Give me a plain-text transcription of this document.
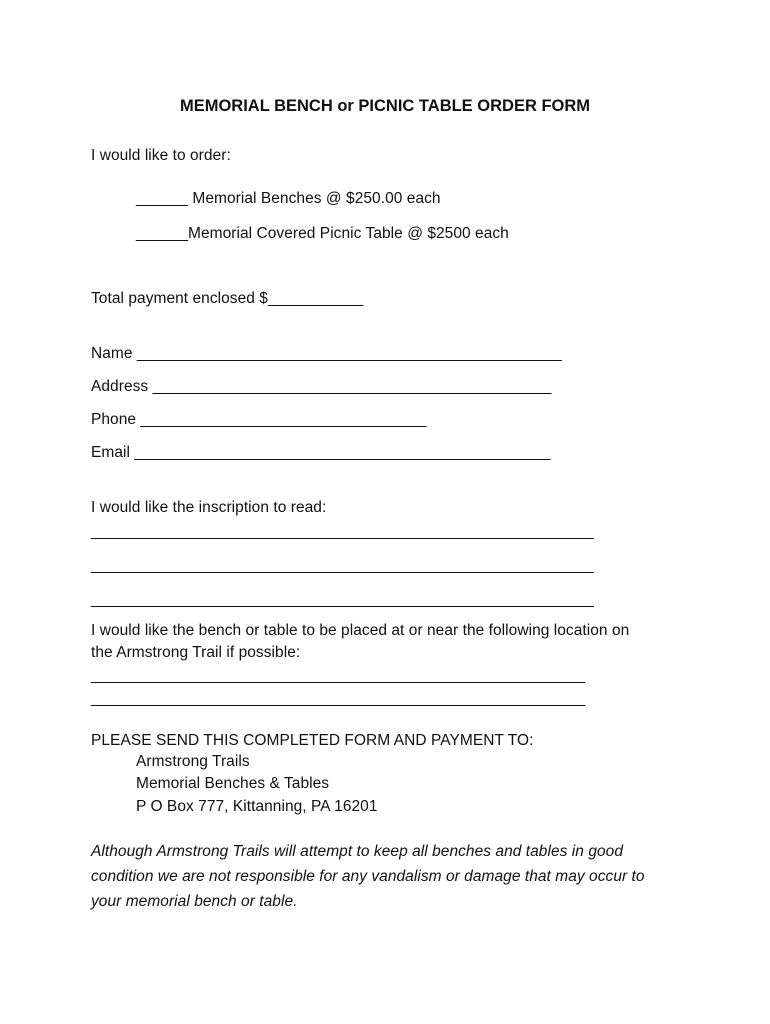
MEMORIAL BENCH or PICNIC TABLE ORDER FORM
I would like to order:
______ Memorial Benches @ $250.00 each
______Memorial Covered Picnic Table @ $2500 each
Total payment enclosed $___________
Name _________________________________________________
Address ______________________________________________
Phone _________________________________
Email ________________________________________________
I would like the inscription to read:
__________________________________________________________
__________________________________________________________
__________________________________________________________
I would like the bench or table to be placed at or near the following location on
the Armstrong Trail if possible:
_________________________________________________________
_________________________________________________________
PLEASE SEND THIS COMPLETED FORM AND PAYMENT TO:
Armstrong Trails
Memorial Benches & Tables
P O Box 777, Kittanning, PA 16201
Although Armstrong Trails will attempt to keep all benches and tables in good
condition we are not responsible for any vandalism or damage that may occur to
your memorial bench or table.
